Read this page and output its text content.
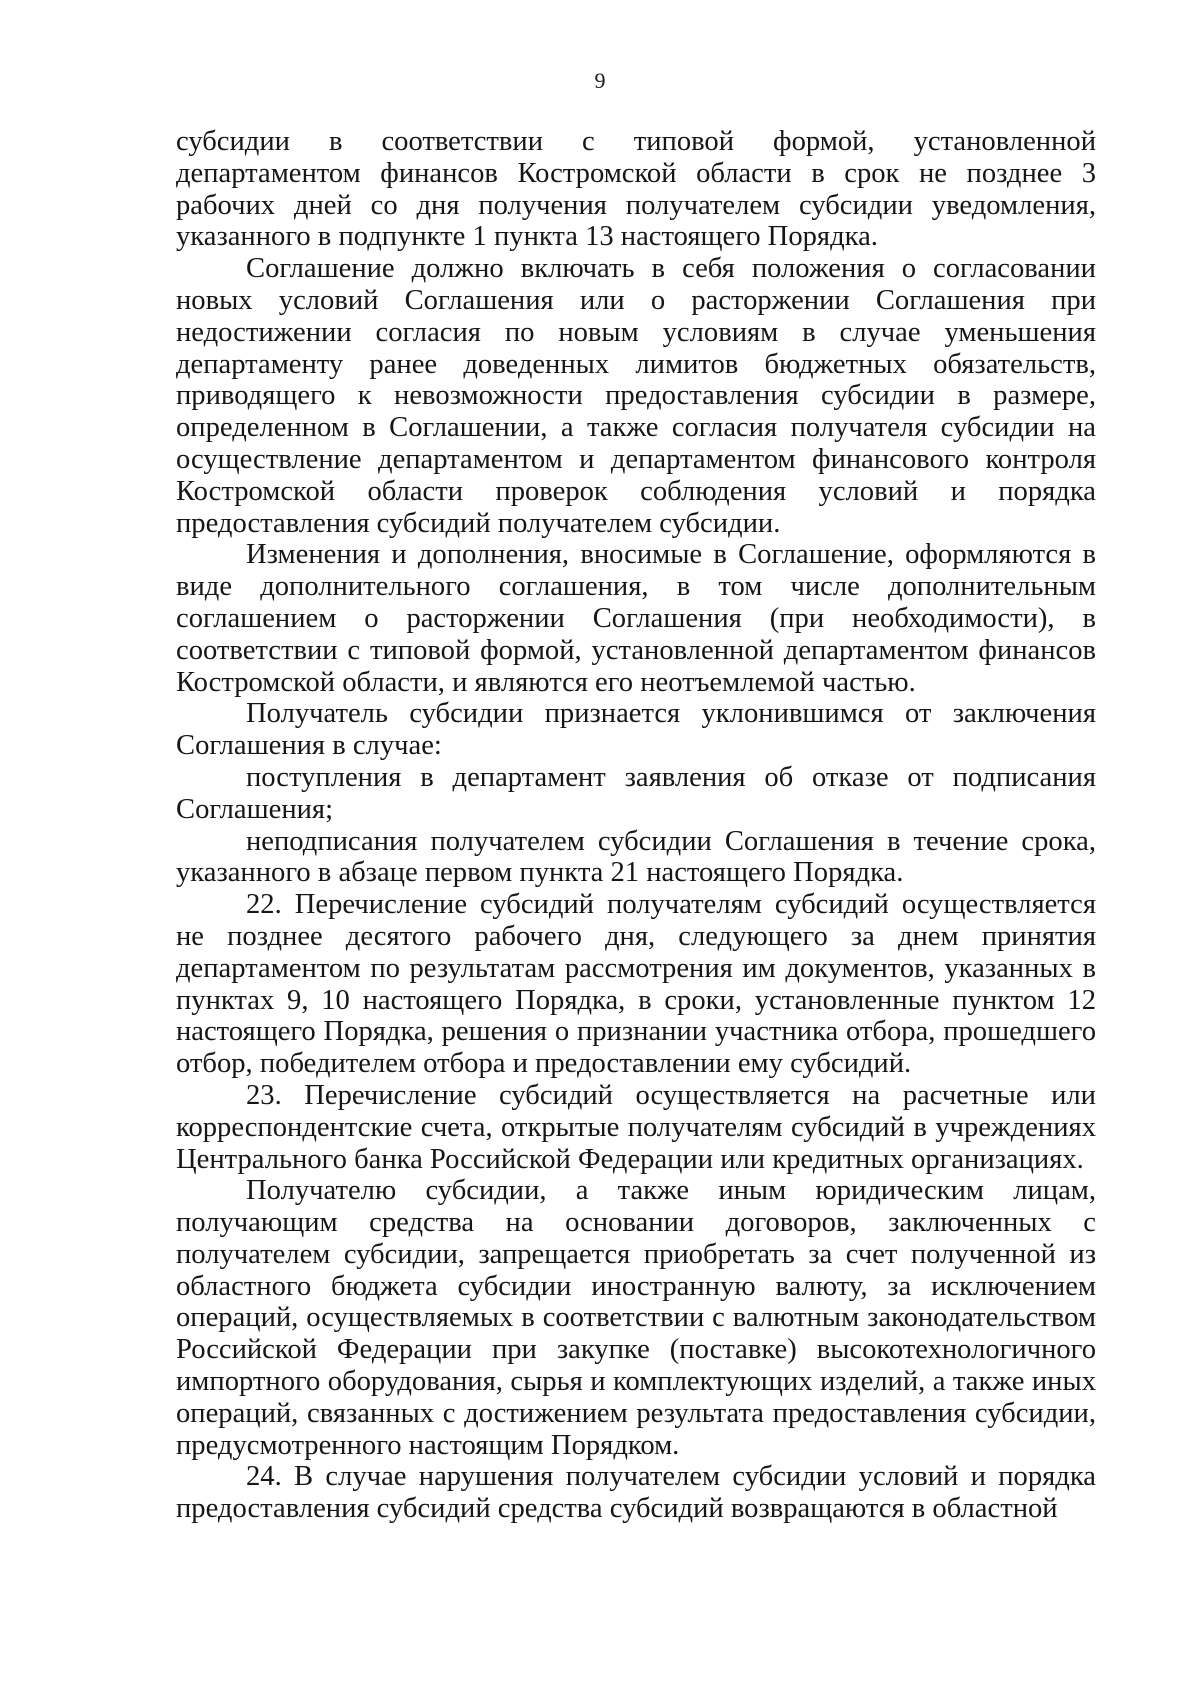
9

субсидии в соответствии с типовой формой, установленной департаментом финансов Костромской области в срок не позднее 3 рабочих дней со дня получения получателем субсидии уведомления, указанного в подпункте 1 пункта 13 настоящего Порядка.

Соглашение должно включать в себя положения о согласовании новых условий Соглашения или о расторжении Соглашения при недостижении согласия по новым условиям в случае уменьшения департаменту ранее доведенных лимитов бюджетных обязательств, приводящего к невозможности предоставления субсидии в размере, определенном в Соглашении, а также согласия получателя субсидии на осуществление департаментом и департаментом финансового контроля Костромской области проверок соблюдения условий и порядка предоставления субсидий получателем субсидии.

Изменения и дополнения, вносимые в Соглашение, оформляются в виде дополнительного соглашения, в том числе дополнительным соглашением о расторжении Соглашения (при необходимости), в соответствии с типовой формой, установленной департаментом финансов Костромской области, и являются его неотъемлемой частью.

Получатель субсидии признается уклонившимся от заключения Соглашения в случае:

поступления в департамент заявления об отказе от подписания Соглашения;

неподписания получателем субсидии Соглашения в течение срока, указанного в абзаце первом пункта 21 настоящего Порядка.

22. Перечисление субсидий получателям субсидий осуществляется не позднее десятого рабочего дня, следующего за днем принятия департаментом по результатам рассмотрения им документов, указанных в пунктах 9, 10 настоящего Порядка, в сроки, установленные пунктом 12 настоящего Порядка, решения о признании участника отбора, прошедшего отбор, победителем отбора и предоставлении ему субсидий.

23. Перечисление субсидий осуществляется на расчетные или корреспондентские счета, открытые получателям субсидий в учреждениях Центрального банка Российской Федерации или кредитных организациях.

Получателю субсидии, а также иным юридическим лицам, получающим средства на основании договоров, заключенных с получателем субсидии, запрещается приобретать за счет полученной из областного бюджета субсидии иностранную валюту, за исключением операций, осуществляемых в соответствии с валютным законодательством Российской Федерации при закупке (поставке) высокотехнологичного импортного оборудования, сырья и комплектующих изделий, а также иных операций, связанных с достижением результата предоставления субсидии, предусмотренного настоящим Порядком.

24. В случае нарушения получателем субсидии условий и порядка предоставления субсидий средства субсидий возвращаются в областной
